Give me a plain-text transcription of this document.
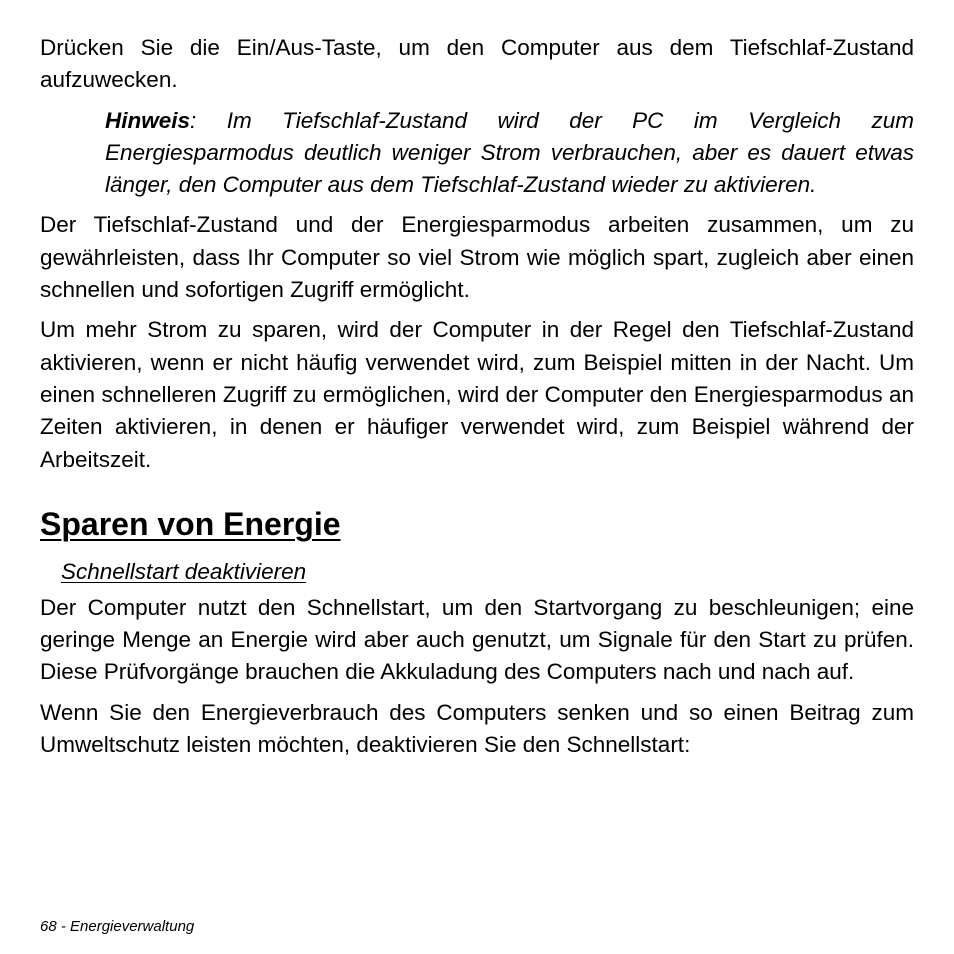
Drücken Sie die Ein/Aus-Taste, um den Computer aus dem Tiefschlaf-Zustand aufzuwecken.

Hinweis: Im Tiefschlaf-Zustand wird der PC im Vergleich zum Energiesparmodus deutlich weniger Strom verbrauchen, aber es dauert etwas länger, den Computer aus dem Tiefschlaf-Zustand wieder zu aktivieren.

Der Tiefschlaf-Zustand und der Energiesparmodus arbeiten zusammen, um zu gewährleisten, dass Ihr Computer so viel Strom wie möglich spart, zugleich aber einen schnellen und sofortigen Zugriff ermöglicht.

Um mehr Strom zu sparen, wird der Computer in der Regel den Tiefschlaf-Zustand aktivieren, wenn er nicht häufig verwendet wird, zum Beispiel mitten in der Nacht. Um einen schnelleren Zugriff zu ermöglichen, wird der Computer den Energiesparmodus an Zeiten aktivieren, in denen er häufiger verwendet wird, zum Beispiel während der Arbeitszeit.

Sparen von Energie
Schnellstart deaktivieren

Der Computer nutzt den Schnellstart, um den Startvorgang zu beschleunigen; eine geringe Menge an Energie wird aber auch genutzt, um Signale für den Start zu prüfen. Diese Prüfvorgänge brauchen die Akkuladung des Computers nach und nach auf.

Wenn Sie den Energieverbrauch des Computers senken und so einen Beitrag zum Umweltschutz leisten möchten, deaktivieren Sie den Schnellstart:

68 - Energieverwaltung
